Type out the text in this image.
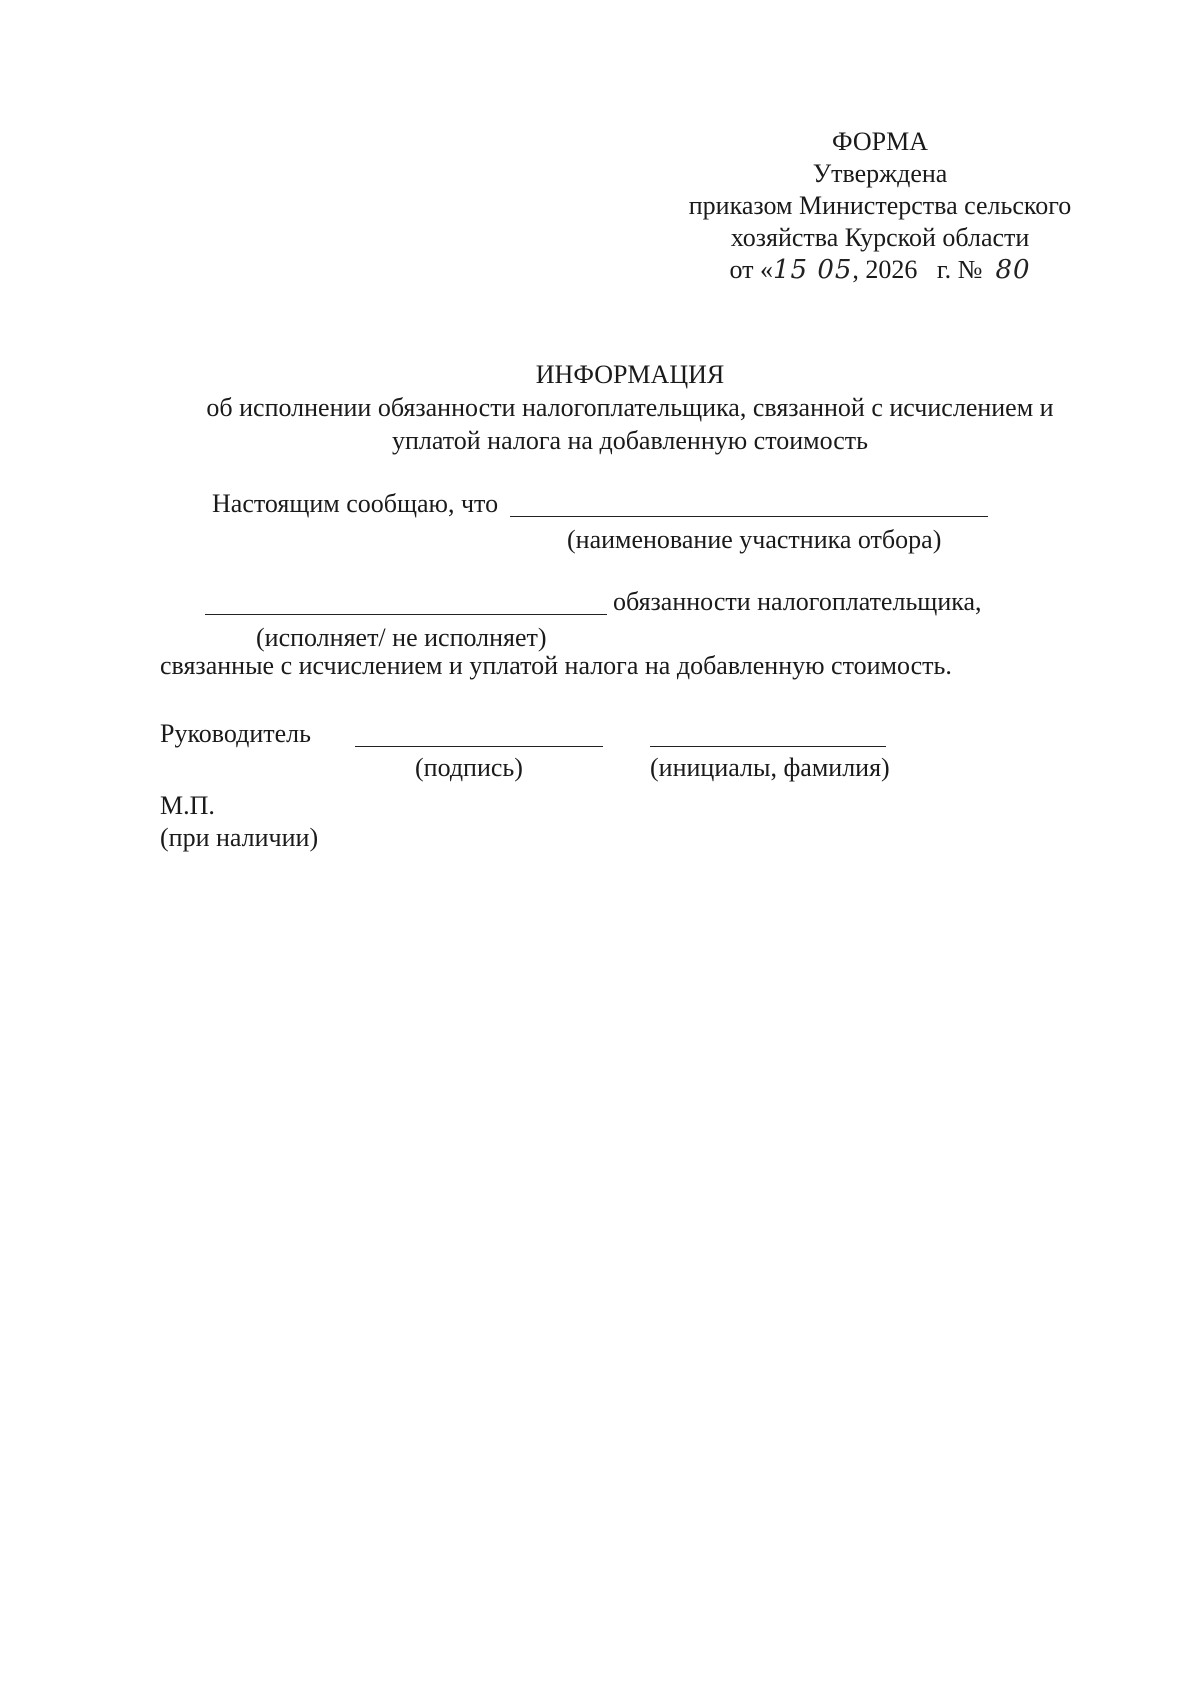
ФОРМА
Утверждена
приказом Министерства сельского
хозяйства Курской области
от «15 05, 2026 г. № 80
ИНФОРМАЦИЯ
об исполнении обязанности налогоплательщика, связанной с исчислением и
уплатой налога на добавленную стоимость
Настоящим сообщаю, что
(наименование участника отбора)
обязанности налогоплательщика,
(исполняет/ не исполняет)
связанные с исчислением и уплатой налога на добавленную стоимость.
Руководитель
(подпись)	(инициалы, фамилия)
М.П.
(при наличии)
